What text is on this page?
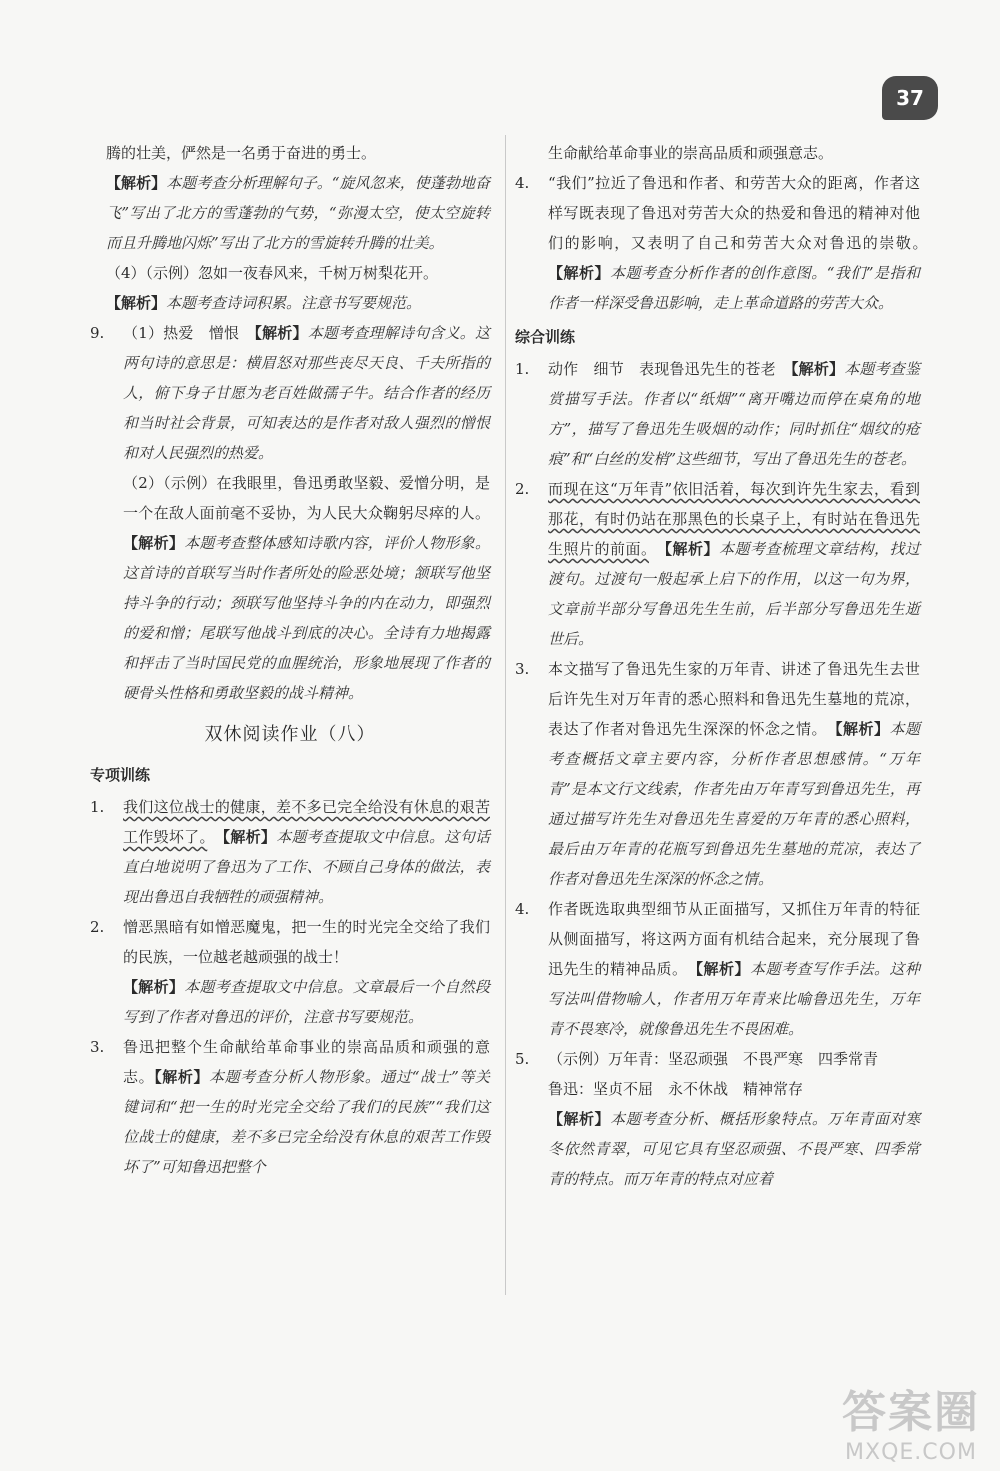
37

腾的壮美，俨然是一名勇于奋进的勇士。

【解析】本题考查分析理解句子。“旋风忽来，使蓬勃地奋飞”写出了北方的雪蓬勃的气势，“弥漫太空，使太空旋转而且升腾地闪烁”写出了北方的雪旋转升腾的壮美。

（4）（示例）忽如一夜春风来，千树万树梨花开。

【解析】本题考查诗词积累。注意书写要规范。

9. （1）热爱　憎恨　【解析】本题考查理解诗句含义。这两句诗的意思是：横眉怒对那些丧尽天良、千夫所指的人，俯下身子甘愿为老百姓做孺子牛。结合作者的经历和当时社会背景，可知表达的是作者对敌人强烈的憎恨和对人民强烈的热爱。

（2）（示例）在我眼里，鲁迅勇敢坚毅、爱憎分明，是一个在敌人面前毫不妥协，为人民大众鞠躬尽瘁的人。【解析】本题考查整体感知诗歌内容，评价人物形象。这首诗的首联写当时作者所处的险恶处境；颔联写他坚持斗争的行动；颈联写他坚持斗争的内在动力，即强烈的爱和憎；尾联写他战斗到底的决心。全诗有力地揭露和抨击了当时国民党的血腥统治，形象地展现了作者的硬骨头性格和勇敢坚毅的战斗精神。

双休阅读作业（八）
专项训练
1. 我们这位战士的健康，差不多已完全给没有休息的艰苦工作毁坏了。　 【解析】本题考查提取文中信息。这句话直白地说明了鲁迅为了工作、不顾自己身体的做法，表现出鲁迅自我牺牲的顽强精神。

2. 憎恶黑暗有如憎恶魔鬼，把一生的时光完全交给了我们的民族，一位越老越顽强的战士！

【解析】本题考查提取文中信息。文章最后一个自然段写到了作者对鲁迅的评价，注意书写要规范。

3. 鲁迅把整个生命献给革命事业的崇高品质和顽强的意志。【解析】本题考查分析人物形象。通过“战士”等关键词和“把一生的时光完全交给了我们的民族”“我们这位战士的健康，差不多已完全给没有休息的艰苦工作毁坏了”可知鲁迅把整个

生命献给革命事业的崇高品质和顽强意志。

4. “我们”拉近了鲁迅和作者、和劳苦大众的距离，作者这样写既表现了鲁迅对劳苦大众的热爱和鲁迅的精神对他们的影响，又表明了自己和劳苦大众对鲁迅的崇敬。　【解析】本题考查分析作者的创作意图。“我们”是指和作者一样深受鲁迅影响，走上革命道路的劳苦大众。

综合训练
1. 动作　细节　表现鲁迅先生的苍老　【解析】本题考查鉴赏描写手法。作者以“纸烟”“离开嘴边而停在桌角的地方”，描写了鲁迅先生吸烟的动作；同时抓住“烟纹的疮痕”和“白丝的发梢”这些细节，写出了鲁迅先生的苍老。

2. 而现在这“万年青”依旧活着，每次到许先生家去，看到那花，有时仍站在那黑色的长桌子上，有时站在鲁迅先生照片的前面。　 【解析】本题考查梳理文章结构，找过渡句。过渡句一般起承上启下的作用，以这一句为界，文章前半部分写鲁迅先生生前，后半部分写鲁迅先生逝世后。

3. 本文描写了鲁迅先生家的万年青、讲述了鲁迅先生去世后许先生对万年青的悉心照料和鲁迅先生墓地的荒凉，表达了作者对鲁迅先生深深的怀念之情。　 【解析】本题考查概括文章主要内容，分析作者思想感情。“万年青”是本文行文线索，作者先由万年青写到鲁迅先生，再通过描写许先生对鲁迅先生喜爱的万年青的悉心照料，最后由万年青的花瓶写到鲁迅先生墓地的荒凉，表达了作者对鲁迅先生深深的怀念之情。

4. 作者既选取典型细节从正面描写，又抓住万年青的特征从侧面描写，将这两方面有机结合起来，充分展现了鲁迅先生的精神品质。　 【解析】本题考查写作手法。这种写法叫借物喻人，作者用万年青来比喻鲁迅先生，万年青不畏寒冷，就像鲁迅先生不畏困难。

5. （示例）万年青：坚忍顽强　不畏严寒　四季常青

鲁迅：坚贞不屈　永不休战　精神常存

【解析】本题考查分析、概括形象特点。万年青面对寒冬依然青翠，可见它具有坚忍顽强、不畏严寒、四季常青的特点。而万年青的特点对应着

答案圈
MXQE.COM
